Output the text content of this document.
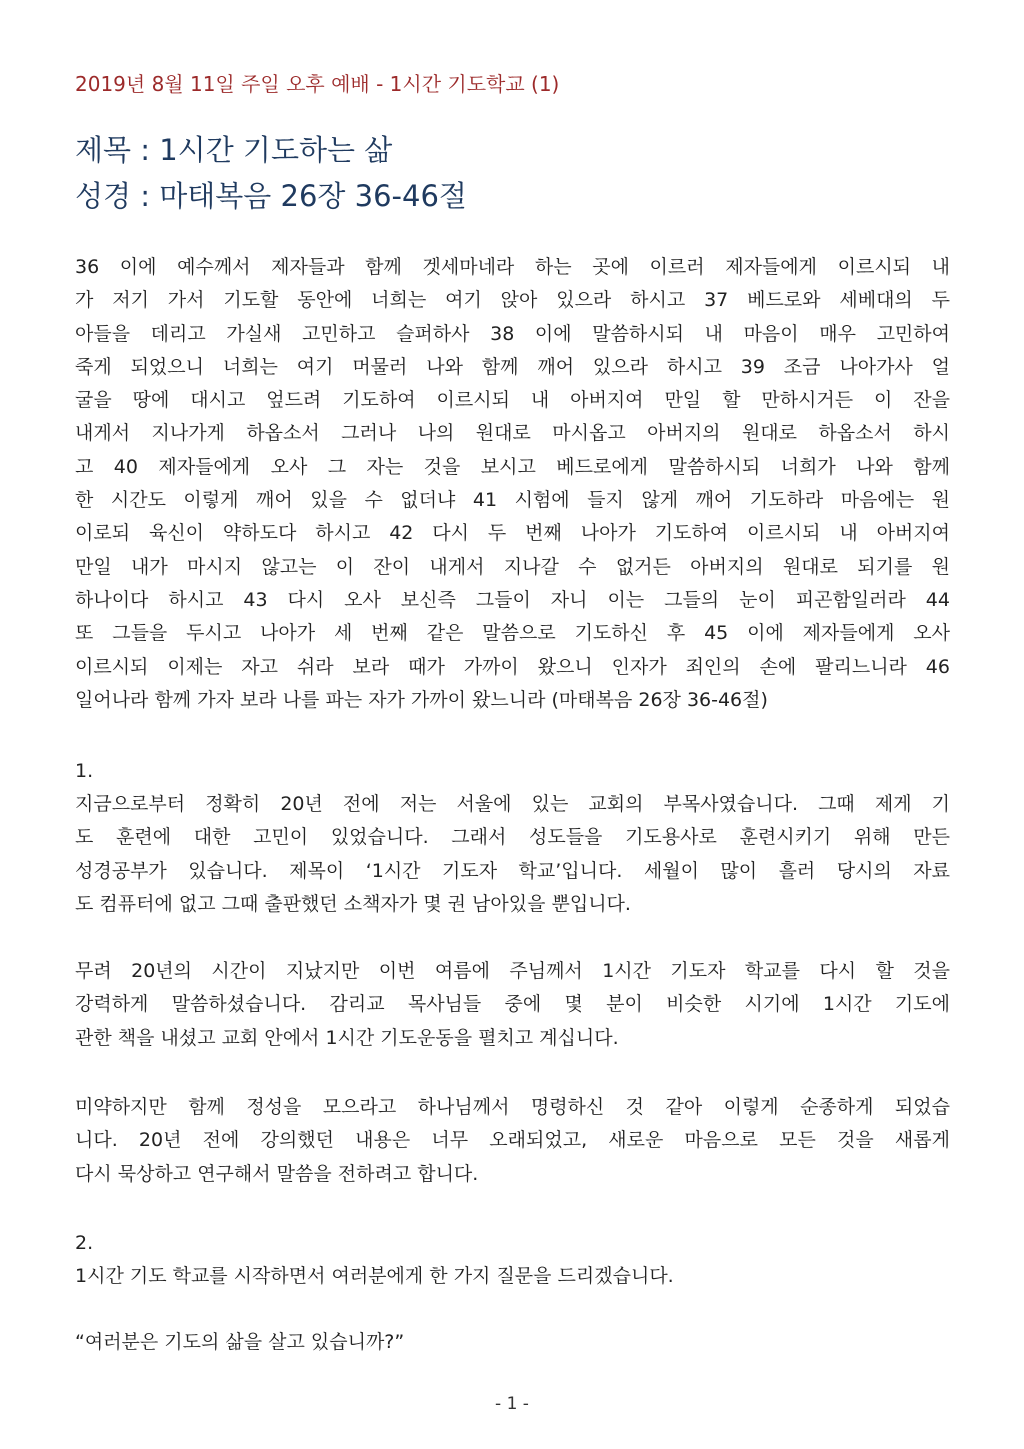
2019년 8월 11일 주일 오후 예배 - 1시간 기도학교 (1)
제목 : 1시간 기도하는 삶
성경 : 마태복음 26장 36-46절
36 이에 예수께서 제자들과 함께 겟세마네라 하는 곳에 이르러 제자들에게 이르시되 내
가 저기 가서 기도할 동안에 너희는 여기 앉아 있으라 하시고 37 베드로와 세베대의 두
아들을 데리고 가실새 고민하고 슬퍼하사 38 이에 말씀하시되 내 마음이 매우 고민하여
죽게 되었으니 너희는 여기 머물러 나와 함께 깨어 있으라 하시고 39 조금 나아가사 얼
굴을 땅에 대시고 엎드려 기도하여 이르시되 내 아버지여 만일 할 만하시거든 이 잔을
내게서 지나가게 하옵소서 그러나 나의 원대로 마시옵고 아버지의 원대로 하옵소서 하시
고 40 제자들에게 오사 그 자는 것을 보시고 베드로에게 말씀하시되 너희가 나와 함께
한 시간도 이렇게 깨어 있을 수 없더냐 41 시험에 들지 않게 깨어 기도하라 마음에는 원
이로되 육신이 약하도다 하시고 42 다시 두 번째 나아가 기도하여 이르시되 내 아버지여
만일 내가 마시지 않고는 이 잔이 내게서 지나갈 수 없거든 아버지의 원대로 되기를 원
하나이다 하시고 43 다시 오사 보신즉 그들이 자니 이는 그들의 눈이 피곤함일러라 44
또 그들을 두시고 나아가 세 번째 같은 말씀으로 기도하신 후 45 이에 제자들에게 오사
이르시되 이제는 자고 쉬라 보라 때가 가까이 왔으니 인자가 죄인의 손에 팔리느니라 46
일어나라 함께 가자 보라 나를 파는 자가 가까이 왔느니라 (마태복음 26장 36-46절)
1.
지금으로부터 정확히 20년 전에 저는 서울에 있는 교회의 부목사였습니다. 그때 제게 기
도 훈련에 대한 고민이 있었습니다. 그래서 성도들을 기도용사로 훈련시키기 위해 만든
성경공부가 있습니다. 제목이 ‘1시간 기도자 학교’입니다. 세월이 많이 흘러 당시의 자료
도 컴퓨터에 없고 그때 출판했던 소책자가 몇 권 남아있을 뿐입니다.
무려 20년의 시간이 지났지만 이번 여름에 주님께서 1시간 기도자 학교를 다시 할 것을
강력하게 말씀하셨습니다. 감리교 목사님들 중에 몇 분이 비슷한 시기에 1시간 기도에
관한 책을 내셨고 교회 안에서 1시간 기도운동을 펼치고 계십니다.
미약하지만 함께 정성을 모으라고 하나님께서 명령하신 것 같아 이렇게 순종하게 되었습
니다. 20년 전에 강의했던 내용은 너무 오래되었고, 새로운 마음으로 모든 것을 새롭게
다시 묵상하고 연구해서 말씀을 전하려고 합니다.
2.
1시간 기도 학교를 시작하면서 여러분에게 한 가지 질문을 드리겠습니다.
“여러분은 기도의 삶을 살고 있습니까?”
- 1 -
